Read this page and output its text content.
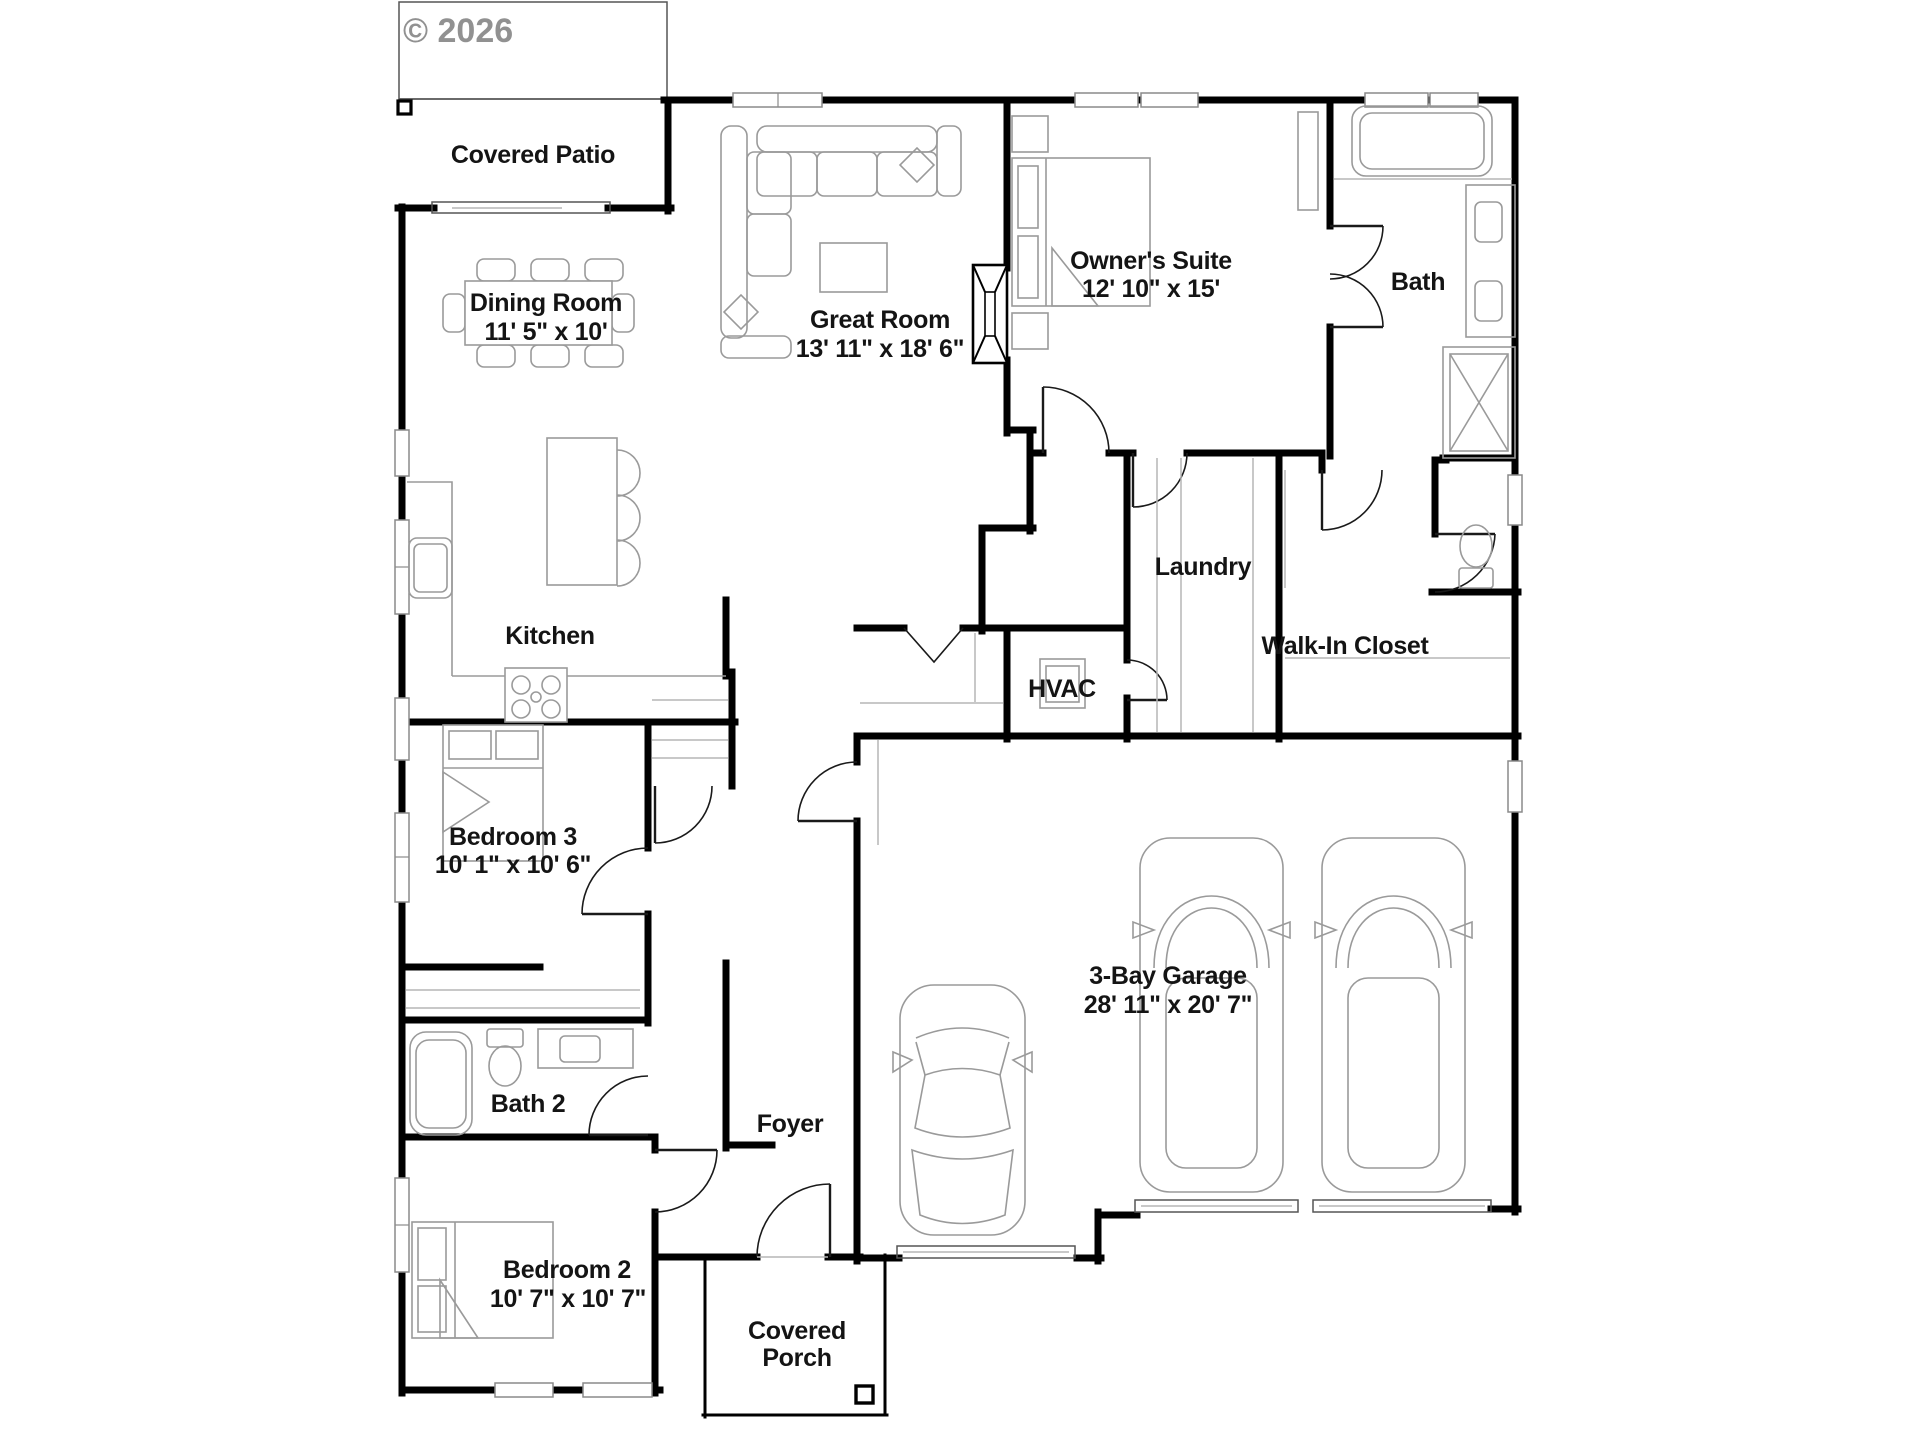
© 2026
Covered Patio
Dining Room
11' 5" x 10'	Great Room
13' 11" x 18' 6"
Owner's Suite
12' 10" x 15'	Bath
Laundry
Walk-In Closet
Kitchen
HVAC
Bedroom 3
10' 1" x 10' 6"
3-Bay Garage
28' 11" x 20' 7"
Bath 2
Foyer
Bedroom 2
10' 7" x 10' 7"
Covered
Porch
